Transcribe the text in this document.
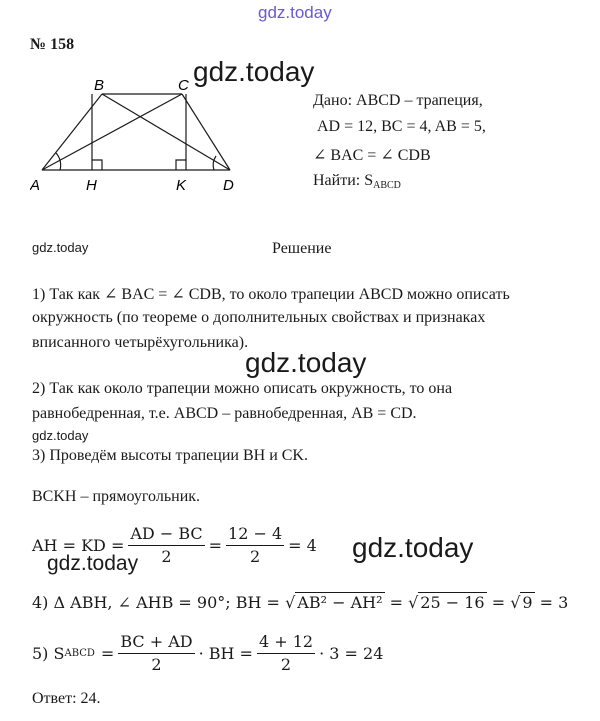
gdz.today
№ 158
A
B	C
D
H	K
gdz.today
Дано: ABCD – трапеция,
AD = 12, BC = 4, AB = 5,
∠ BAC = ∠ CDB
Найти: $S_{ABCD}$
gdz.today	Решение
1) Так как ∠ BAC = ∠ CDB, то около трапеции ABCD можно описать
окружность (по теореме о дополнительных свойствах и признаках
вписанного четырёхугольника).
gdz.today
2) Так как около трапеции можно описать окружность, то она
равнобедренная, т.е. ABCD – равнобедренная, AB = CD.
gdz.today
3) Проведём высоты трапеции BH и CK.
BCKH – прямоугольник.
AH = KD = $\frac{AD - BC}{2} = \frac{12 - 4}{2} = 4$
gdz.today
gdz.today
4) Δ ABH, ∠ AHB = 90°; BH = √ AB² − AH² = √ 25 − 16 = √ 9 = 3
5) S ABCD = $\frac{BC + AD}{2}$ · BH = $\frac{4 + 12}{2} \cdot 3 = 24$
Ответ: 24.
